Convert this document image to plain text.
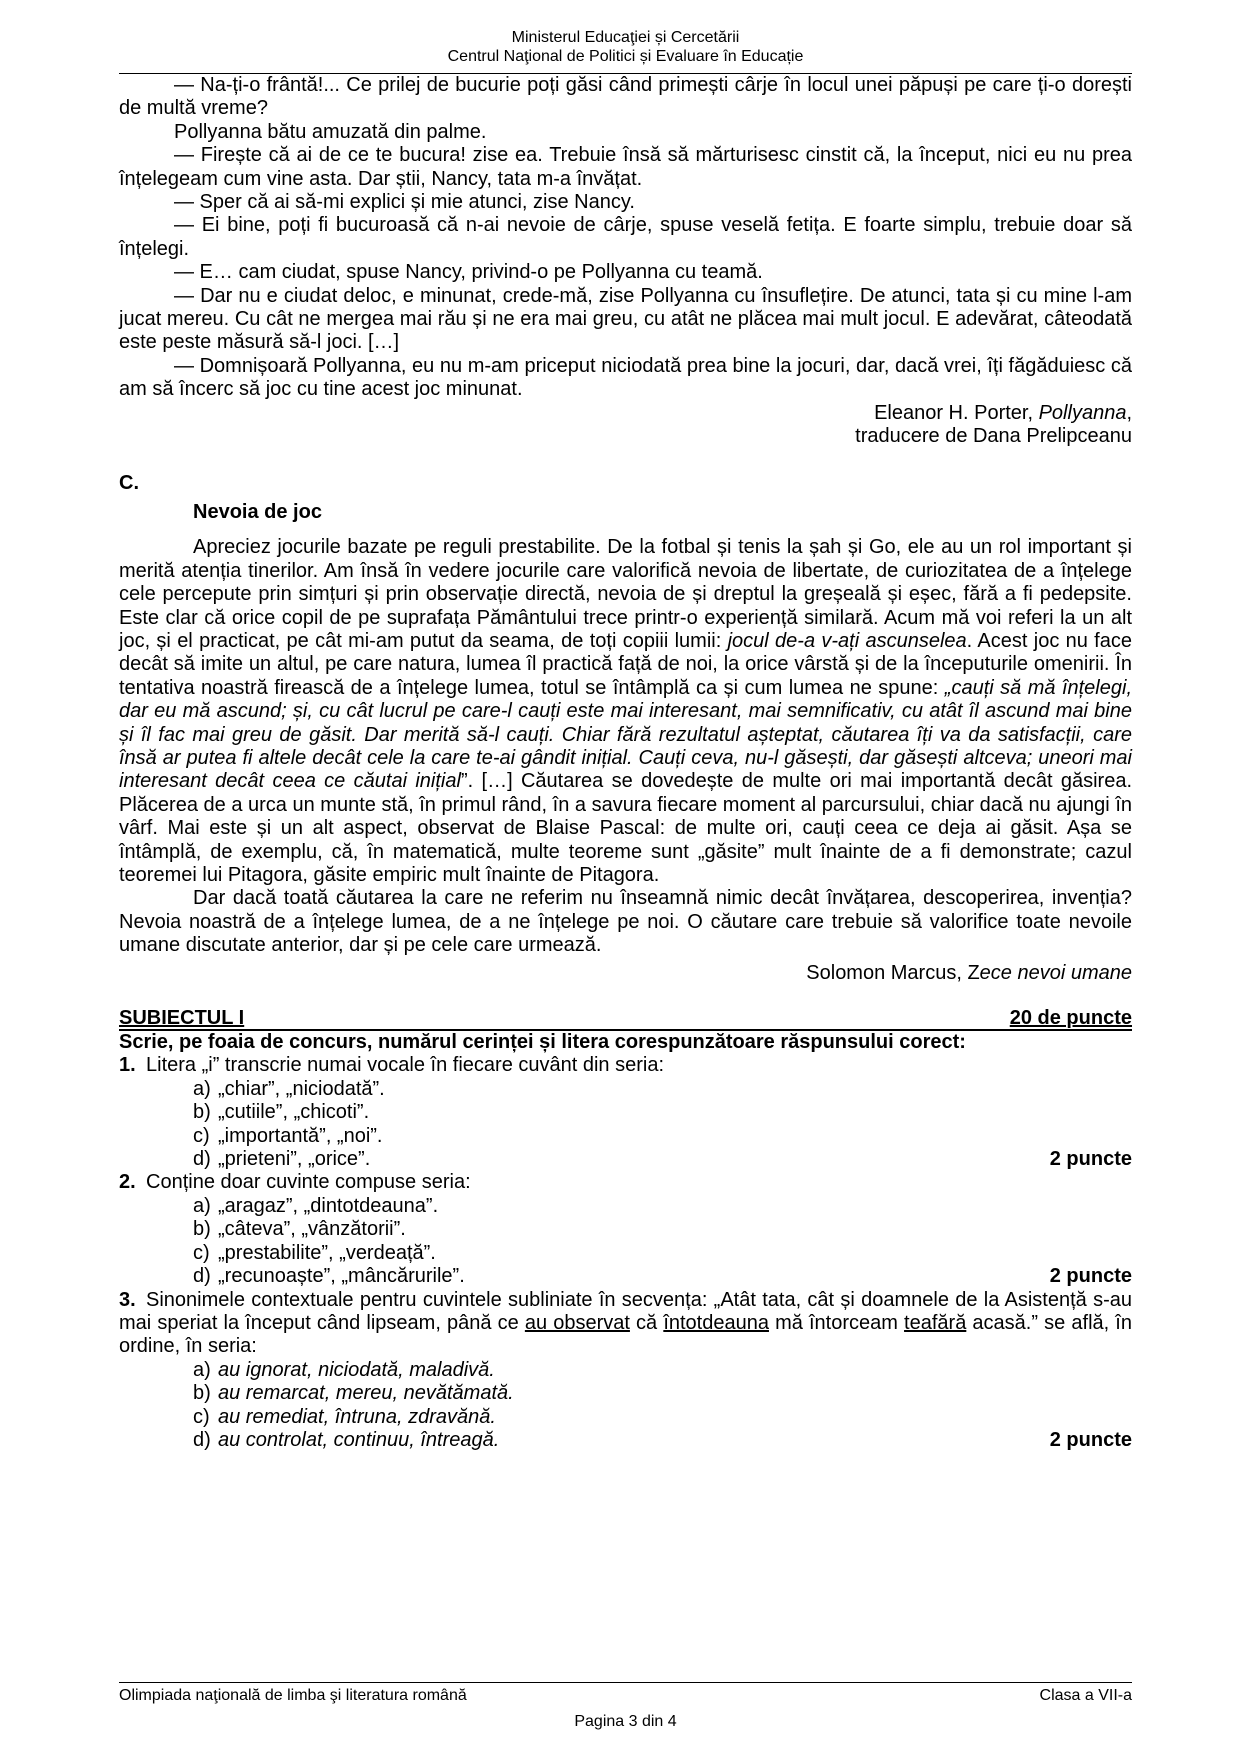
Ministerul Educaţiei și Cercetării
Centrul Naţional de Politici și Evaluare în Educație

— Na-ți-o frântă!... Ce prilej de bucurie poți găsi când primești cârje în locul unei păpuși pe care ți-o dorești de multă vreme?

Pollyanna bătu amuzată din palme.

— Firește că ai de ce te bucura! zise ea. Trebuie însă să mărturisesc cinstit că, la început, nici eu nu prea înțelegeam cum vine asta. Dar știi, Nancy, tata m-a învățat.

— Sper că ai să-mi explici și mie atunci, zise Nancy.

— Ei bine, poți fi bucuroasă că n-ai nevoie de cârje, spuse veselă fetița. E foarte simplu, trebuie doar să înțelegi.

— E… cam ciudat, spuse Nancy, privind-o pe Pollyanna cu teamă.

— Dar nu e ciudat deloc, e minunat, crede-mă, zise Pollyanna cu însuflețire. De atunci, tata și cu mine l-am jucat mereu. Cu cât ne mergea mai rău și ne era mai greu, cu atât ne plăcea mai mult jocul. E adevărat, câteodată este peste măsură să-l joci. […]

— Domnișoară Pollyanna, eu nu m-am priceput niciodată prea bine la jocuri, dar, dacă vrei, îți făgăduiesc că am să încerc să joc cu tine acest joc minunat.

Eleanor H. Porter, Pollyanna,

traducere de Dana Prelipceanu

C.

Nevoia de joc

Apreciez jocurile bazate pe reguli prestabilite. De la fotbal și tenis la șah și Go, ele au un rol important și merită atenția tinerilor. Am însă în vedere jocurile care valorifică nevoia de libertate, de curiozitatea de a înțelege cele percepute prin simțuri și prin observație directă, nevoia de și dreptul la greșeală și eșec, fără a fi pedepsite. Este clar că orice copil de pe suprafața Pământului trece printr-o experiență similară. Acum mă voi referi la un alt joc, și el practicat, pe cât mi-am putut da seama, de toți copiii lumii: jocul de-a v-ați ascunselea. Acest joc nu face decât să imite un altul, pe care natura, lumea îl practică față de noi, la orice vârstă și de la începuturile omenirii. În tentativa noastră firească de a înțelege lumea, totul se întâmplă ca și cum lumea ne spune: „cauți să mă înțelegi, dar eu mă ascund; și, cu cât lucrul pe care-l cauți este mai interesant, mai semnificativ, cu atât îl ascund mai bine și îl fac mai greu de găsit. Dar merită să-l cauți. Chiar fără rezultatul așteptat, căutarea îți va da satisfacții, care însă ar putea fi altele decât cele la care te-ai gândit inițial. Cauți ceva, nu-l găsești, dar găsești altceva; uneori mai interesant decât ceea ce căutai inițial”. […] Căutarea se dovedește de multe ori mai importantă decât găsirea. Plăcerea de a urca un munte stă, în primul rând, în a savura fiecare moment al parcursului, chiar dacă nu ajungi în vârf. Mai este și un alt aspect, observat de Blaise Pascal: de multe ori, cauți ceea ce deja ai găsit. Așa se întâmplă, de exemplu, că, în matematică, multe teoreme sunt „găsite” mult înainte de a fi demonstrate; cazul teoremei lui Pitagora, găsite empiric mult înainte de Pitagora.

Dar dacă toată căutarea la care ne referim nu înseamnă nimic decât învățarea, descoperirea, invenția? Nevoia noastră de a înțelege lumea, de a ne înțelege pe noi. O căutare care trebuie să valorifice toate nevoile umane discutate anterior, dar și pe cele care urmează.

Solomon Marcus, Zece nevoi umane

SUBIECTUL I	20 de puncte

Scrie, pe foaia de concurs, numărul cerinței și litera corespunzătoare răspunsului corect:

1. Litera „i” transcrie numai vocale în fiecare cuvânt din seria:
a) „chiar”, „niciodată”.
b) „cutiile”, „chicoti”.
c) „importantă”, „noi”.
d) „prieteni”, „orice”.	2 puncte
2. Conține doar cuvinte compuse seria:
a) „aragaz”, „dintotdeauna”.
b) „câteva”, „vânzătorii”.
c) „prestabilite”, „verdeață”.
d) „recunoaște”, „mâncărurile”.	2 puncte

3. Sinonimele contextuale pentru cuvintele subliniate în secvența: „Atât tata, cât și doamnele de la Asistență s-au mai speriat la început când lipseam, până ce au observat că întotdeauna mă întorceam teafără acasă.” se află, în ordine, în seria:

a) au ignorat, niciodată, maladivă.
b) au remarcat, mereu, nevătămată.
c) au remediat, întruna, zdravănă.
d) au controlat, continuu, întreagă.	2 puncte
Olimpiada naţională de limba şi literatura română	Clasa a VII-a
Pagina 3 din 4
